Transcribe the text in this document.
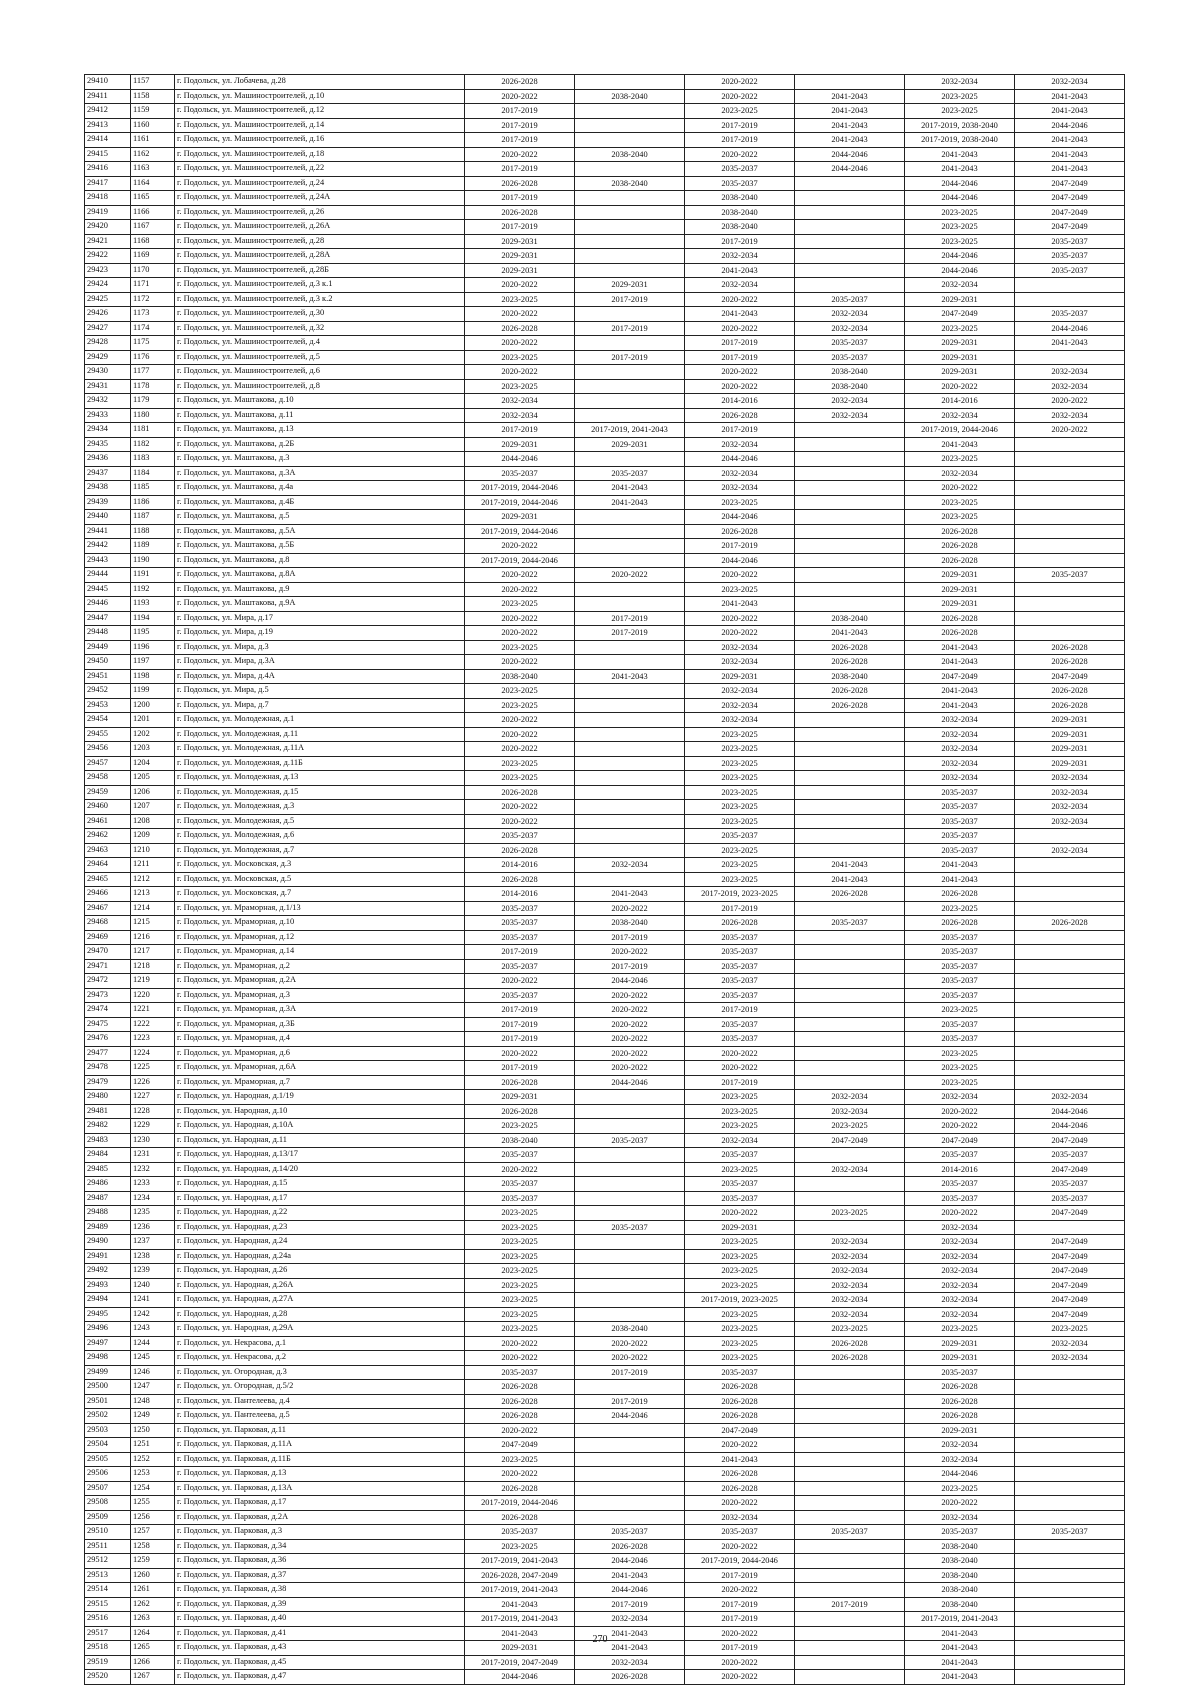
29410	1157	г. Подольск, ул. Лобачева, д.28	2026-2028		2020-2022		2032-2034	2032-2034
29411	1158	г. Подольск, ул. Машиностроителей, д.10	2020-2022	2038-2040	2020-2022	2041-2043	2023-2025	2041-2043
29412	1159	г. Подольск, ул. Машиностроителей, д.12	2017-2019		2023-2025	2041-2043	2023-2025	2041-2043
29413	1160	г. Подольск, ул. Машиностроителей, д.14	2017-2019		2017-2019	2041-2043	2017-2019, 2038-2040	2044-2046
29414	1161	г. Подольск, ул. Машиностроителей, д.16	2017-2019		2017-2019	2041-2043	2017-2019, 2038-2040	2041-2043
29415	1162	г. Подольск, ул. Машиностроителей, д.18	2020-2022	2038-2040	2020-2022	2044-2046	2041-2043	2041-2043
29416	1163	г. Подольск, ул. Машиностроителей, д.22	2017-2019		2035-2037	2044-2046	2041-2043	2041-2043
29417	1164	г. Подольск, ул. Машиностроителей, д.24	2026-2028	2038-2040	2035-2037		2044-2046	2047-2049
29418	1165	г. Подольск, ул. Машиностроителей, д.24А	2017-2019		2038-2040		2044-2046	2047-2049
29419	1166	г. Подольск, ул. Машиностроителей, д.26	2026-2028		2038-2040		2023-2025	2047-2049
29420	1167	г. Подольск, ул. Машиностроителей, д.26А	2017-2019		2038-2040		2023-2025	2047-2049
29421	1168	г. Подольск, ул. Машиностроителей, д.28	2029-2031		2017-2019		2023-2025	2035-2037
29422	1169	г. Подольск, ул. Машиностроителей, д.28А	2029-2031		2032-2034		2044-2046	2035-2037
29423	1170	г. Подольск, ул. Машиностроителей, д.28Б	2029-2031		2041-2043		2044-2046	2035-2037
29424	1171	г. Подольск, ул. Машиностроителей, д.3 к.1	2020-2022	2029-2031	2032-2034		2032-2034	
29425	1172	г. Подольск, ул. Машиностроителей, д.3 к.2	2023-2025	2017-2019	2020-2022	2035-2037	2029-2031	
29426	1173	г. Подольск, ул. Машиностроителей, д.30	2020-2022		2041-2043	2032-2034	2047-2049	2035-2037
29427	1174	г. Подольск, ул. Машиностроителей, д.32	2026-2028	2017-2019	2020-2022	2032-2034	2023-2025	2044-2046
29428	1175	г. Подольск, ул. Машиностроителей, д.4	2020-2022		2017-2019	2035-2037	2029-2031	2041-2043
29429	1176	г. Подольск, ул. Машиностроителей, д.5	2023-2025	2017-2019	2017-2019	2035-2037	2029-2031	
29430	1177	г. Подольск, ул. Машиностроителей, д.6	2020-2022		2020-2022	2038-2040	2029-2031	2032-2034
29431	1178	г. Подольск, ул. Машиностроителей, д.8	2023-2025		2020-2022	2038-2040	2020-2022	2032-2034
29432	1179	г. Подольск, ул. Маштакова, д.10	2032-2034		2014-2016	2032-2034	2014-2016	2020-2022
29433	1180	г. Подольск, ул. Маштакова, д.11	2032-2034		2026-2028	2032-2034	2032-2034	2032-2034
29434	1181	г. Подольск, ул. Маштакова, д.13	2017-2019	2017-2019, 2041-2043	2017-2019		2017-2019, 2044-2046	2020-2022
29435	1182	г. Подольск, ул. Маштакова, д.2Б	2029-2031	2029-2031	2032-2034		2041-2043	
29436	1183	г. Подольск, ул. Маштакова, д.3	2044-2046		2044-2046		2023-2025	
29437	1184	г. Подольск, ул. Маштакова, д.3А	2035-2037	2035-2037	2032-2034		2032-2034	
29438	1185	г. Подольск, ул. Маштакова, д.4а	2017-2019, 2044-2046	2041-2043	2032-2034		2020-2022	
29439	1186	г. Подольск, ул. Маштакова, д.4Б	2017-2019, 2044-2046	2041-2043	2023-2025		2023-2025	
29440	1187	г. Подольск, ул. Маштакова, д.5	2029-2031		2044-2046		2023-2025	
29441	1188	г. Подольск, ул. Маштакова, д.5А	2017-2019, 2044-2046		2026-2028		2026-2028	
29442	1189	г. Подольск, ул. Маштакова, д.5Б	2020-2022		2017-2019		2026-2028	
29443	1190	г. Подольск, ул. Маштакова, д.8	2017-2019, 2044-2046		2044-2046		2026-2028	
29444	1191	г. Подольск, ул. Маштакова, д.8А	2020-2022	2020-2022	2020-2022		2029-2031	2035-2037
29445	1192	г. Подольск, ул. Маштакова, д.9	2020-2022		2023-2025		2029-2031	
29446	1193	г. Подольск, ул. Маштакова, д.9А	2023-2025		2041-2043		2029-2031	
29447	1194	г. Подольск, ул. Мира, д.17	2020-2022	2017-2019	2020-2022	2038-2040	2026-2028	
29448	1195	г. Подольск, ул. Мира, д.19	2020-2022	2017-2019	2020-2022	2041-2043	2026-2028	
29449	1196	г. Подольск, ул. Мира, д.3	2023-2025		2032-2034	2026-2028	2041-2043	2026-2028
29450	1197	г. Подольск, ул. Мира, д.3А	2020-2022		2032-2034	2026-2028	2041-2043	2026-2028
29451	1198	г. Подольск, ул. Мира, д.4А	2038-2040	2041-2043	2029-2031	2038-2040	2047-2049	2047-2049
29452	1199	г. Подольск, ул. Мира, д.5	2023-2025		2032-2034	2026-2028	2041-2043	2026-2028
29453	1200	г. Подольск, ул. Мира, д.7	2023-2025		2032-2034	2026-2028	2041-2043	2026-2028
29454	1201	г. Подольск, ул. Молодежная, д.1	2020-2022		2032-2034		2032-2034	2029-2031
29455	1202	г. Подольск, ул. Молодежная, д.11	2020-2022		2023-2025		2032-2034	2029-2031
29456	1203	г. Подольск, ул. Молодежная, д.11А	2020-2022		2023-2025		2032-2034	2029-2031
29457	1204	г. Подольск, ул. Молодежная, д.11Б	2023-2025		2023-2025		2032-2034	2029-2031
29458	1205	г. Подольск, ул. Молодежная, д.13	2023-2025		2023-2025		2032-2034	2032-2034
29459	1206	г. Подольск, ул. Молодежная, д.15	2026-2028		2023-2025		2035-2037	2032-2034
29460	1207	г. Подольск, ул. Молодежная, д.3	2020-2022		2023-2025		2035-2037	2032-2034
29461	1208	г. Подольск, ул. Молодежная, д.5	2020-2022		2023-2025		2035-2037	2032-2034
29462	1209	г. Подольск, ул. Молодежная, д.6	2035-2037		2035-2037		2035-2037	
29463	1210	г. Подольск, ул. Молодежная, д.7	2026-2028		2023-2025		2035-2037	2032-2034
29464	1211	г. Подольск, ул. Московская, д.3	2014-2016	2032-2034	2023-2025	2041-2043	2041-2043	
29465	1212	г. Подольск, ул. Московская, д.5	2026-2028		2023-2025	2041-2043	2041-2043	
29466	1213	г. Подольск, ул. Московская, д.7	2014-2016	2041-2043	2017-2019, 2023-2025	2026-2028	2026-2028	
29467	1214	г. Подольск, ул. Мраморная, д.1/13	2035-2037	2020-2022	2017-2019		2023-2025	
29468	1215	г. Подольск, ул. Мраморная, д.10	2035-2037	2038-2040	2026-2028	2035-2037	2026-2028	2026-2028
29469	1216	г. Подольск, ул. Мраморная, д.12	2035-2037	2017-2019	2035-2037		2035-2037	
29470	1217	г. Подольск, ул. Мраморная, д.14	2017-2019	2020-2022	2035-2037		2035-2037	
29471	1218	г. Подольск, ул. Мраморная, д.2	2035-2037	2017-2019	2035-2037		2035-2037	
29472	1219	г. Подольск, ул. Мраморная, д.2А	2020-2022	2044-2046	2035-2037		2035-2037	
29473	1220	г. Подольск, ул. Мраморная, д.3	2035-2037	2020-2022	2035-2037		2035-2037	
29474	1221	г. Подольск, ул. Мраморная, д.3А	2017-2019	2020-2022	2017-2019		2023-2025	
29475	1222	г. Подольск, ул. Мраморная, д.3Б	2017-2019	2020-2022	2035-2037		2035-2037	
29476	1223	г. Подольск, ул. Мраморная, д.4	2017-2019	2020-2022	2035-2037		2035-2037	
29477	1224	г. Подольск, ул. Мраморная, д.6	2020-2022	2020-2022	2020-2022		2023-2025	
29478	1225	г. Подольск, ул. Мраморная, д.6А	2017-2019	2020-2022	2020-2022		2023-2025	
29479	1226	г. Подольск, ул. Мраморная, д.7	2026-2028	2044-2046	2017-2019		2023-2025	
29480	1227	г. Подольск, ул. Народная, д.1/19	2029-2031		2023-2025	2032-2034	2032-2034	2032-2034
29481	1228	г. Подольск, ул. Народная, д.10	2026-2028		2023-2025	2032-2034	2020-2022	2044-2046
29482	1229	г. Подольск, ул. Народная, д.10А	2023-2025		2023-2025	2023-2025	2020-2022	2044-2046
29483	1230	г. Подольск, ул. Народная, д.11	2038-2040	2035-2037	2032-2034	2047-2049	2047-2049	2047-2049
29484	1231	г. Подольск, ул. Народная, д.13/17	2035-2037		2035-2037		2035-2037	2035-2037
29485	1232	г. Подольск, ул. Народная, д.14/20	2020-2022		2023-2025	2032-2034	2014-2016	2047-2049
29486	1233	г. Подольск, ул. Народная, д.15	2035-2037		2035-2037		2035-2037	2035-2037
29487	1234	г. Подольск, ул. Народная, д.17	2035-2037		2035-2037		2035-2037	2035-2037
29488	1235	г. Подольск, ул. Народная, д.22	2023-2025		2020-2022	2023-2025	2020-2022	2047-2049
29489	1236	г. Подольск, ул. Народная, д.23	2023-2025	2035-2037	2029-2031		2032-2034	
29490	1237	г. Подольск, ул. Народная, д.24	2023-2025		2023-2025	2032-2034	2032-2034	2047-2049
29491	1238	г. Подольск, ул. Народная, д.24а	2023-2025		2023-2025	2032-2034	2032-2034	2047-2049
29492	1239	г. Подольск, ул. Народная, д.26	2023-2025		2023-2025	2032-2034	2032-2034	2047-2049
29493	1240	г. Подольск, ул. Народная, д.26А	2023-2025		2023-2025	2032-2034	2032-2034	2047-2049
29494	1241	г. Подольск, ул. Народная, д.27А	2023-2025		2017-2019, 2023-2025	2032-2034	2032-2034	2047-2049
29495	1242	г. Подольск, ул. Народная, д.28	2023-2025		2023-2025	2032-2034	2032-2034	2047-2049
29496	1243	г. Подольск, ул. Народная, д.29А	2023-2025	2038-2040	2023-2025	2023-2025	2023-2025	2023-2025
29497	1244	г. Подольск, ул. Некрасова, д.1	2020-2022	2020-2022	2023-2025	2026-2028	2029-2031	2032-2034
29498	1245	г. Подольск, ул. Некрасова, д.2	2020-2022	2020-2022	2023-2025	2026-2028	2029-2031	2032-2034
29499	1246	г. Подольск, ул. Огородная, д.3	2035-2037	2017-2019	2035-2037		2035-2037	
29500	1247	г. Подольск, ул. Огородная, д.5/2	2026-2028		2026-2028		2026-2028	
29501	1248	г. Подольск, ул. Пантелеева, д.4	2026-2028	2017-2019	2026-2028		2026-2028	
29502	1249	г. Подольск, ул. Пантелеева, д.5	2026-2028	2044-2046	2026-2028		2026-2028	
29503	1250	г. Подольск, ул. Парковая, д.11	2020-2022		2047-2049		2029-2031	
29504	1251	г. Подольск, ул. Парковая, д.11А	2047-2049		2020-2022		2032-2034	
29505	1252	г. Подольск, ул. Парковая, д.11Б	2023-2025		2041-2043		2032-2034	
29506	1253	г. Подольск, ул. Парковая, д.13	2020-2022		2026-2028		2044-2046	
29507	1254	г. Подольск, ул. Парковая, д.13А	2026-2028		2026-2028		2023-2025	
29508	1255	г. Подольск, ул. Парковая, д.17	2017-2019, 2044-2046		2020-2022		2020-2022	
29509	1256	г. Подольск, ул. Парковая, д.2А	2026-2028		2032-2034		2032-2034	
29510	1257	г. Подольск, ул. Парковая, д.3	2035-2037	2035-2037	2035-2037	2035-2037	2035-2037	2035-2037
29511	1258	г. Подольск, ул. Парковая, д.34	2023-2025	2026-2028	2020-2022		2038-2040	
29512	1259	г. Подольск, ул. Парковая, д.36	2017-2019, 2041-2043	2044-2046	2017-2019, 2044-2046		2038-2040	
29513	1260	г. Подольск, ул. Парковая, д.37	2026-2028, 2047-2049	2041-2043	2017-2019		2038-2040	
29514	1261	г. Подольск, ул. Парковая, д.38	2017-2019, 2041-2043	2044-2046	2020-2022		2038-2040	
29515	1262	г. Подольск, ул. Парковая, д.39	2041-2043	2017-2019	2017-2019	2017-2019	2038-2040	
29516	1263	г. Подольск, ул. Парковая, д.40	2017-2019, 2041-2043	2032-2034	2017-2019		2017-2019, 2041-2043	
29517	1264	г. Подольск, ул. Парковая, д.41	2041-2043	2041-2043	2020-2022		2041-2043	
29518	1265	г. Подольск, ул. Парковая, д.43	2029-2031	2041-2043	2017-2019		2041-2043	
29519	1266	г. Подольск, ул. Парковая, д.45	2017-2019, 2047-2049	2032-2034	2020-2022		2041-2043	
29520	1267	г. Подольск, ул. Парковая, д.47	2044-2046	2026-2028	2020-2022		2041-2043	
270
